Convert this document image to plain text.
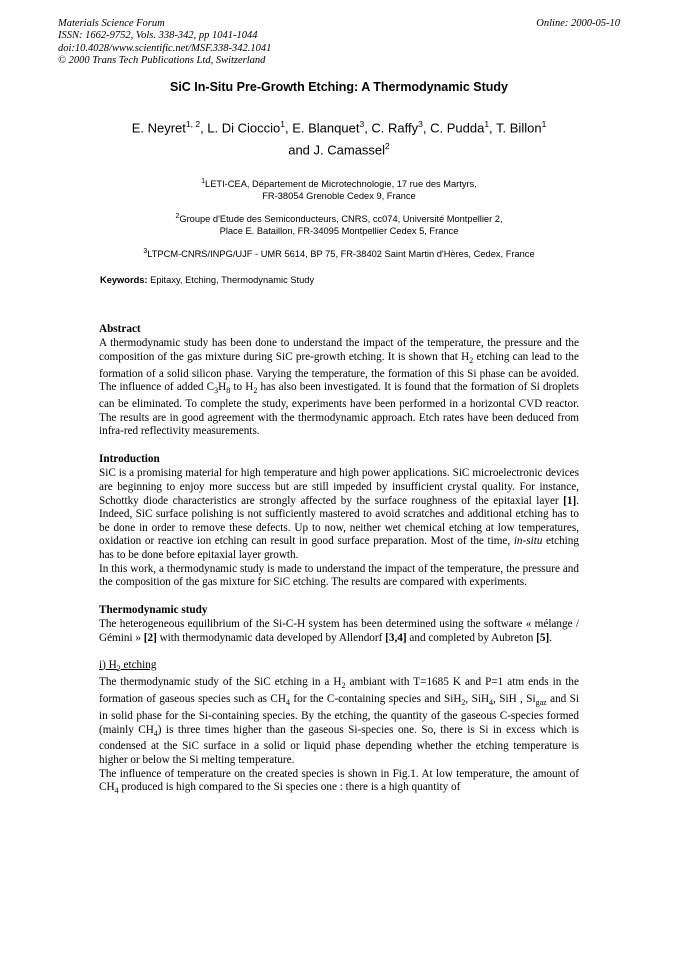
Materials Science Forum
ISSN: 1662-9752, Vols. 338-342, pp 1041-1044
doi:10.4028/www.scientific.net/MSF.338-342.1041
© 2000 Trans Tech Publications Ltd, Switzerland
Online: 2000-05-10
SiC In-Situ Pre-Growth Etching: A Thermodynamic Study
E. Neyret$^{1, 2}$, L. Di Cioccio$^1$, E. Blanquet$^3$, C. Raffy$^3$, C. Pudda$^1$, T. Billon$^1$
and J. Camassel$^2$
$^1$LETI-CEA, Département de Microtechnologie, 17 rue des Martyrs,
FR-38054 Grenoble Cedex 9, France
$^2$Groupe d'Etude des Semiconducteurs, CNRS, cc074, Université Montpellier 2,
Place E. Bataillon, FR-34095 Montpellier Cedex 5, France
$^3$LTPCM-CNRS/INPG/UJF - UMR 5614, BP 75, FR-38402 Saint Martin d'Hères, Cedex, France
Keywords: Epitaxy, Etching, Thermodynamic Study
Abstract

A thermodynamic study has been done to understand the impact of the temperature, the pressure and the composition of the gas mixture during SiC pre-growth etching. It is shown that $H_2$ etching can lead to the formation of a solid silicon phase. Varying the temperature, the formation of this Si phase can be avoided. The influence of added $C_3H_8$ to $H_2$ has also been investigated. It is found that the formation of Si droplets can be eliminated. To complete the study, experiments have been performed in a horizontal CVD reactor. The results are in good agreement with the thermodynamic approach. Etch rates have been deduced from infra-red reflectivity measurements.

Introduction

SiC is a promising material for high temperature and high power applications. SiC microelectronic devices are beginning to enjoy more success but are still impeded by insufficient crystal quality. For instance, Schottky diode characteristics are strongly affected by the surface roughness of the epitaxial layer [1]. Indeed, SiC surface polishing is not sufficiently mastered to avoid scratches and additional etching has to be done in order to remove these defects. Up to now, neither wet chemical etching at low temperatures, oxidation or reactive ion etching can result in good surface preparation. Most of the time, in-situ etching has to be done before epitaxial layer growth.

In this work, a thermodynamic study is made to understand the impact of the temperature, the pressure and the composition of the gas mixture for SiC etching. The results are compared with experiments.

Thermodynamic study

The heterogeneous equilibrium of the Si-C-H system has been determined using the software « mélange / Gémini » [2] with thermodynamic data developed by Allendorf [3,4] and completed by Aubreton [5].

i) $H_2$ etching

The thermodynamic study of the SiC etching in a $H_2$ ambiant with T=1685 K and P=1 atm ends in the formation of gaseous species such as $CH_4$ for the C-containing species and SiH$_2$, SiH$_4$, SiH , $Si_{gaz}$ and Si in solid phase for the Si-containing species. By the etching, the quantity of the gaseous C-species formed (mainly $CH_4$) is three times higher than the gaseous Si-species one. So, there is Si in excess which is condensed at the SiC surface in a solid or liquid phase depending whether the etching temperature is higher or below the Si melting temperature.

The influence of temperature on the created species is shown in Fig.1. At low temperature, the amount of $CH_4$ produced is high compared to the Si species one : there is a high quantity of
